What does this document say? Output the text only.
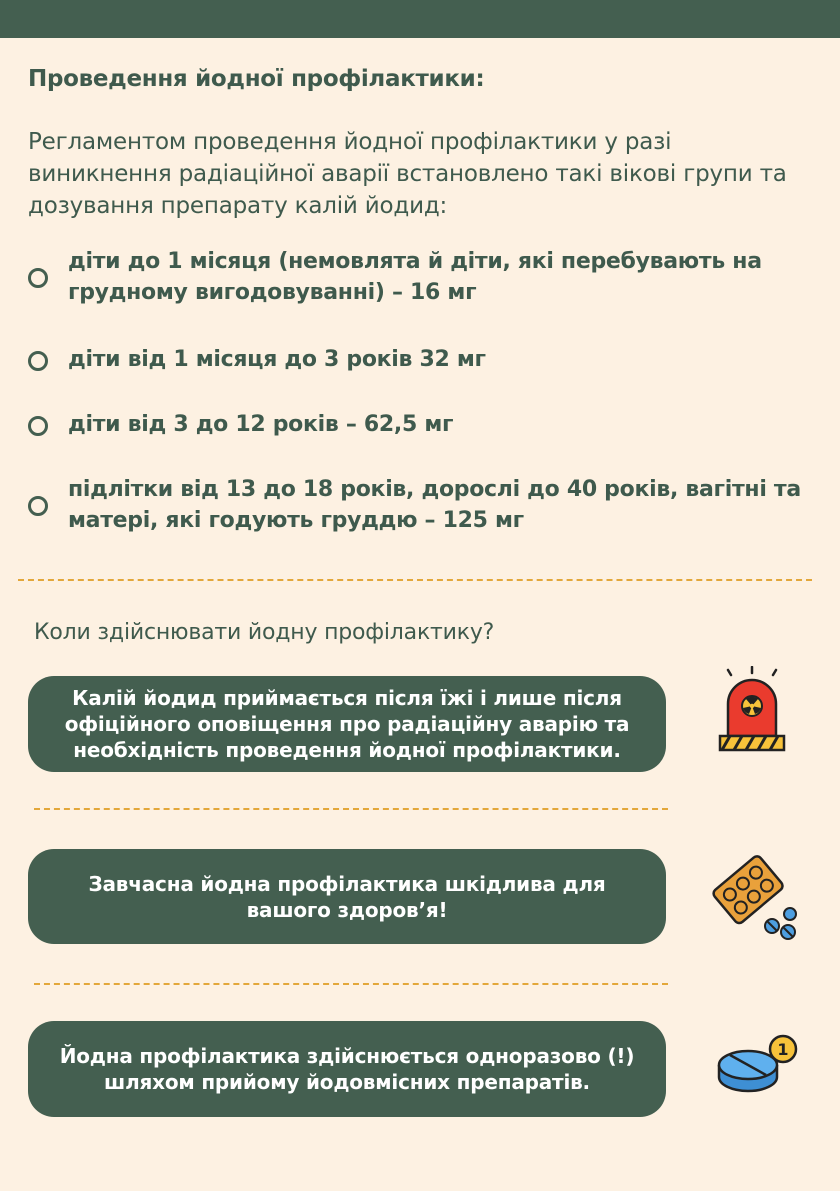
Проведення йодної профілактики:

Регламентом проведення йодної профілактики у разі виникнення радіаційної аварії встановлено такі вікові групи та дозування препарату калій йодид:

діти до 1 місяця (немовлята й діти, які перебувають на грудному вигодовуванні) – 16 мг
діти від 1 місяця до 3 років 32 мг
діти від 3 до 12 років – 62,5 мг
підлітки від 13 до 18 років, дорослі до 40 років, вагітні та матері, які годують груддю – 125 мг

Коли здійснювати йодну профілактику?

Калій йодид приймається після їжі і лише після офіційного оповіщення про радіаційну аварію та необхідність проведення йодної профілактики.
Завчасна йодна профілактика шкідлива для вашого здоров’я!
Йодна профілактика здійснюється одноразово (!) шляхом прийому йодовмісних препаратів.
1
